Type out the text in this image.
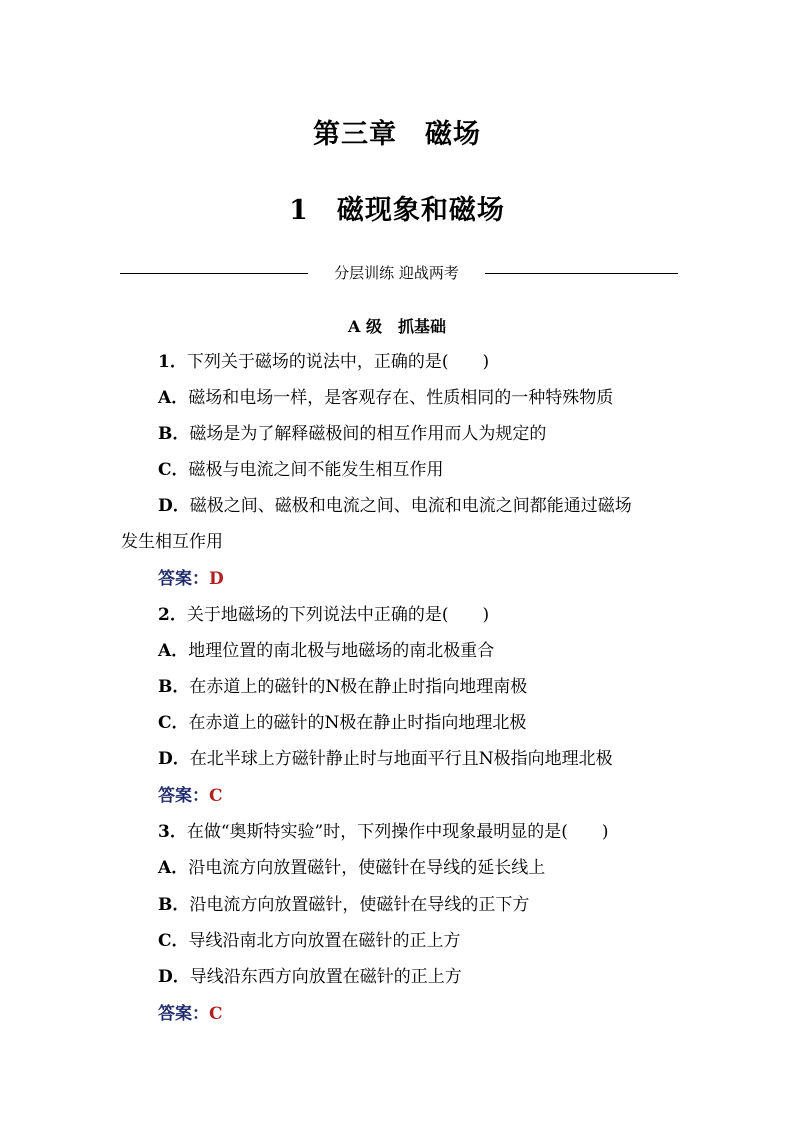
第三章　磁场
1　磁现象和磁场
分层训练 迎战两考
A 级　抓基础
1．下列关于磁场的说法中，正确的是(　　)
A．磁场和电场一样，是客观存在、性质相同的一种特殊物质
B．磁场是为了解释磁极间的相互作用而人为规定的
C．磁极与电流之间不能发生相互作用
D．磁极之间、磁极和电流之间、电流和电流之间都能通过磁场
发生相互作用
答案：D
2．关于地磁场的下列说法中正确的是(　　)
A．地理位置的南北极与地磁场的南北极重合
B．在赤道上的磁针的N极在静止时指向地理南极
C．在赤道上的磁针的N极在静止时指向地理北极
D．在北半球上方磁针静止时与地面平行且N极指向地理北极
答案：C
3．在做“奥斯特实验”时，下列操作中现象最明显的是(　　)
A．沿电流方向放置磁针，使磁针在导线的延长线上
B．沿电流方向放置磁针，使磁针在导线的正下方
C．导线沿南北方向放置在磁针的正上方
D．导线沿东西方向放置在磁针的正上方
答案：C
